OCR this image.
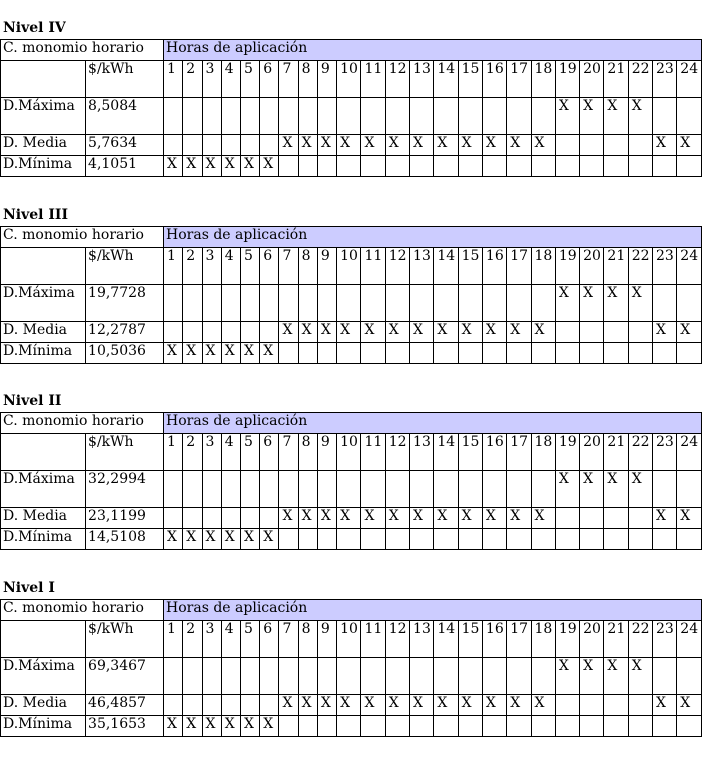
Nivel IV
C. monomio horario		Horas de aplicación																							
	$/kWh	1	2	3	4	5	6	7	8	9	10	11	12	13	14	15	16	17	18	19	20	21	22	23	24
D.Máxima	8,5084																			X	X	X	X		
D. Media	5,7634							X	X	X	X	X	X	X	X	X	X	X	X					X	X
D.Mínima	4,1051	X	X	X	X	X	X																		
Nivel III
C. monomio horario		Horas de aplicación																							
	$/kWh	1	2	3	4	5	6	7	8	9	10	11	12	13	14	15	16	17	18	19	20	21	22	23	24
D.Máxima	19,7728																			X	X	X	X		
D. Media	12,2787							X	X	X	X	X	X	X	X	X	X	X	X					X	X
D.Mínima	10,5036	X	X	X	X	X	X																		
Nivel II
C. monomio horario		Horas de aplicación																							
	$/kWh	1	2	3	4	5	6	7	8	9	10	11	12	13	14	15	16	17	18	19	20	21	22	23	24
D.Máxima	32,2994																			X	X	X	X		
D. Media	23,1199							X	X	X	X	X	X	X	X	X	X	X	X					X	X
D.Mínima	14,5108	X	X	X	X	X	X																		
Nivel I
C. monomio horario		Horas de aplicación																							
	$/kWh	1	2	3	4	5	6	7	8	9	10	11	12	13	14	15	16	17	18	19	20	21	22	23	24
D.Máxima	69,3467																			X	X	X	X		
D. Media	46,4857							X	X	X	X	X	X	X	X	X	X	X	X					X	X
D.Mínima	35,1653	X	X	X	X	X	X																		
